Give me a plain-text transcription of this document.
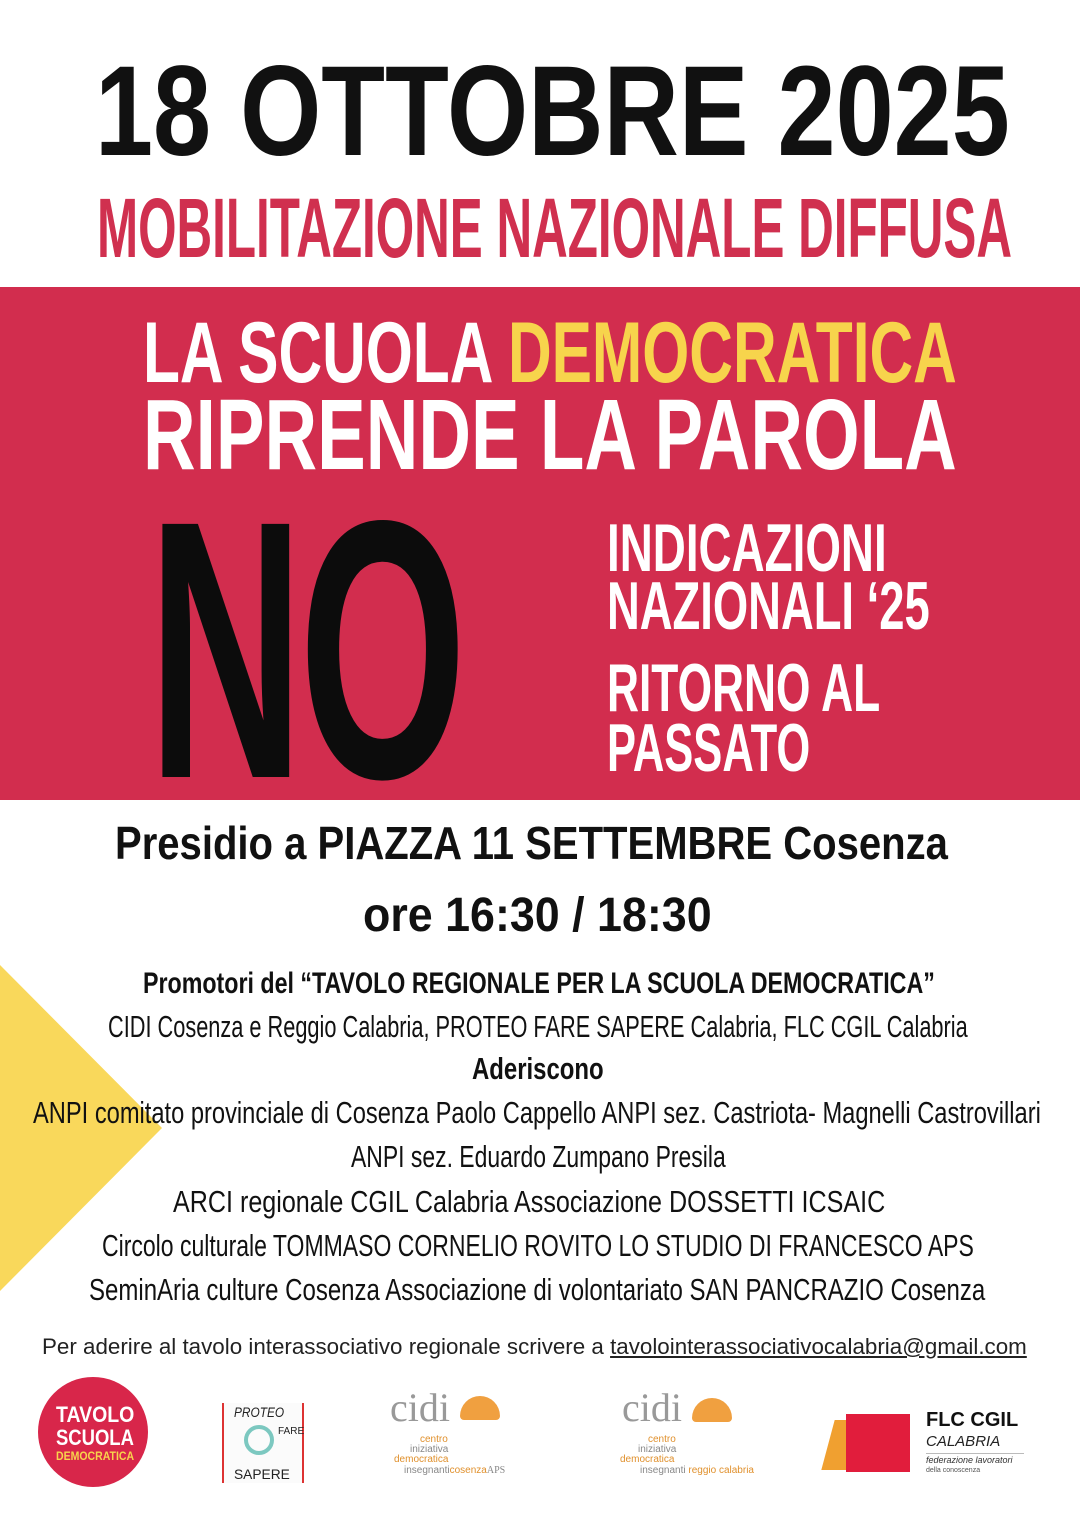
18 OTTOBRE 2025
MOBILITAZIONE NAZIONALE DIFFUSA
LA SCUOLA DEMOCRATICA
RIPRENDE LA PAROLA
NO INDICAZIONI
NAZIONALI ‘25
RITORNO AL
PASSATO
Presidio a PIAZZA 11 SETTEMBRE Cosenza
ore 16:30 / 18:30
Promotori del “TAVOLO REGIONALE PER LA SCUOLA DEMOCRATICA”
CIDI Cosenza e Reggio Calabria, PROTEO FARE SAPERE Calabria, FLC CGIL Calabria
Aderiscono
ANPI comitato provinciale di Cosenza Paolo Cappello ANPI sez. Castriota- Magnelli Castrovillari
ANPI sez. Eduardo Zumpano Presila
ARCI regionale CGIL Calabria Associazione DOSSETTI ICSAIC
Circolo culturale TOMMASO CORNELIO ROVITO LO STUDIO DI FRANCESCO APS
SeminAria culture Cosenza Associazione di volontariato SAN PANCRAZIO Cosenza
Per aderire al tavolo interassociativo regionale scrivere a tavolointerassociativocalabria@gmail.com
TAVOLO
SCUOLA
DEMOCRATICA
PROTEO
FARE
SAPERE
cidi
centro
iniziativa
democratica
insegnanticosenzaAPS
cidi
centro
iniziativa
democratica
insegnanti reggio calabria
FLC CGIL
CALABRIA
federazione lavoratori
della conoscenza
